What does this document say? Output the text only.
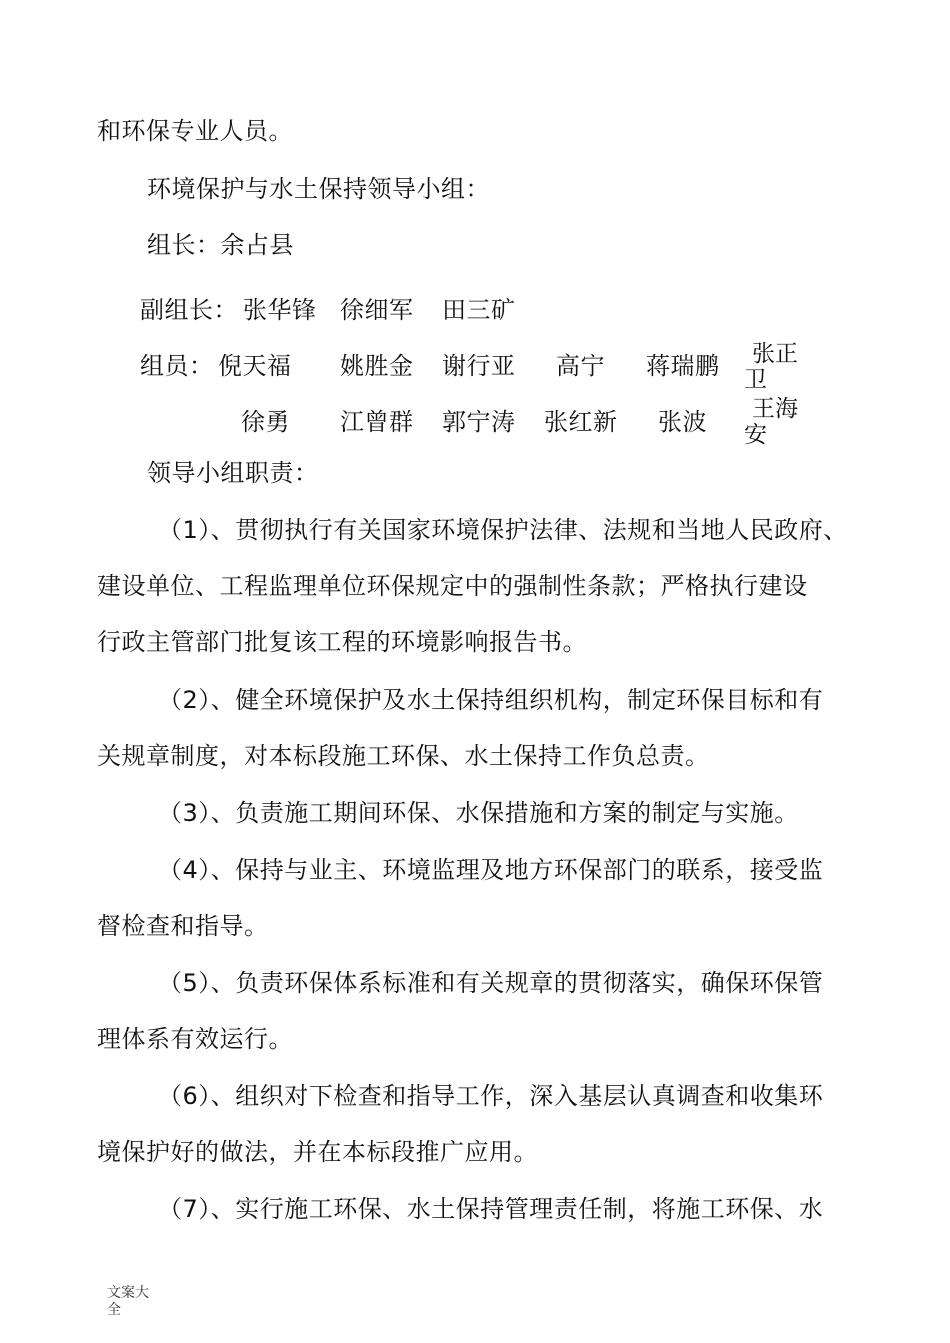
和环保专业人员。
环境保护与水土保持领导小组：
组长：余占县
副组长： 张华锋 徐细军 田三矿
组员： 倪天福 姚胜金 谢行亚 高宁 蒋瑞鹏	张正卫
徐勇 江曾群 郭宁涛 张红新 张波	王海安
领导小组职责：
（1）、贯彻执行有关国家环境保护法律、法规和当地人民政府、
建设单位、工程监理单位环保规定中的强制性条款；严格执行建设
行政主管部门批复该工程的环境影响报告书。
（2）、健全环境保护及水土保持组织机构，制定环保目标和有
关规章制度，对本标段施工环保、水土保持工作负总责。
（3）、负责施工期间环保、水保措施和方案的制定与实施。
（4）、保持与业主、环境监理及地方环保部门的联系，接受监
督检查和指导。
（5）、负责环保体系标准和有关规章的贯彻落实，确保环保管
理体系有效运行。
（6）、组织对下检查和指导工作，深入基层认真调查和收集环
境保护好的做法，并在本标段推广应用。
（7）、实行施工环保、水土保持管理责任制，将施工环保、水
文案大全
